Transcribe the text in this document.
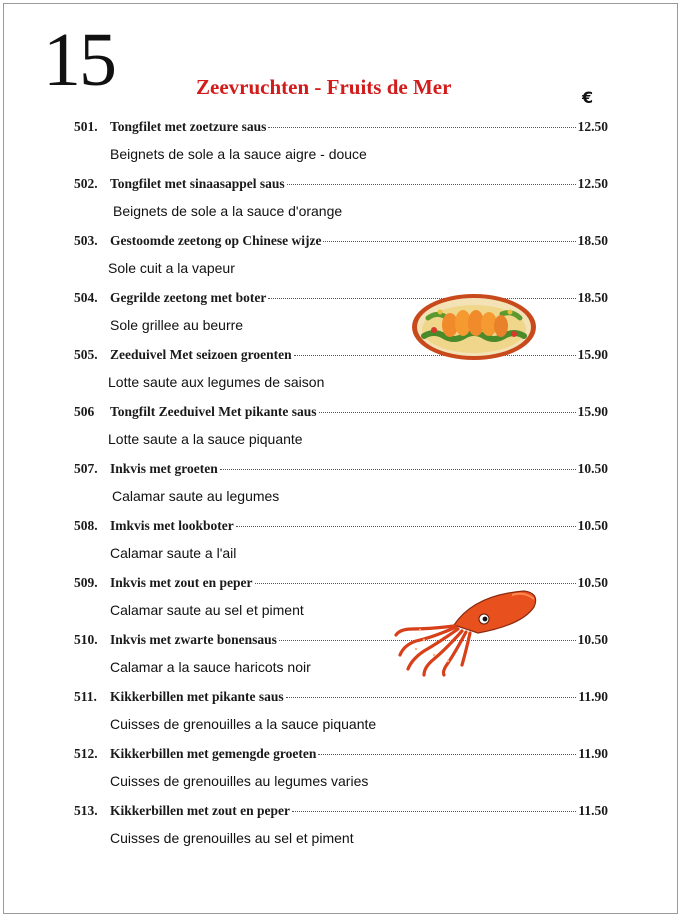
15	Zeevruchten - Fruits de Mer	€
501. Tongfilet met zoetzure saus	12.50
Beignets de sole a la sauce aigre - douce
502. Tongfilet met sinaasappel saus	12.50
Beignets de sole a la sauce d'orange
503. Gestoomde zeetong op Chinese wijze	18.50
Sole cuit a la vapeur
504. Gegrilde zeetong met boter	18.50
Sole grillee au beurre
505. Zeeduivel Met seizoen groenten	15.90
Lotte saute aux legumes de saison
506	Tongfilt Zeeduivel Met pikante saus	15.90
Lotte saute a la sauce piquante
507. Inkvis met groeten	10.50
Calamar saute au legumes
508. Imkvis met lookboter	10.50
Calamar saute a l'ail
509. Inkvis met zout en peper	10.50
Calamar saute au sel et piment
510. Inkvis met zwarte bonensaus	10.50
Calamar a la sauce haricots noir
511. Kikkerbillen met pikante saus	11.90
Cuisses de grenouilles a la sauce piquante
512. Kikkerbillen met gemengde groeten	11.90
Cuisses de grenouilles au legumes varies
513. Kikkerbillen met zout en peper	11.50
Cuisses de grenouilles au sel et piment
